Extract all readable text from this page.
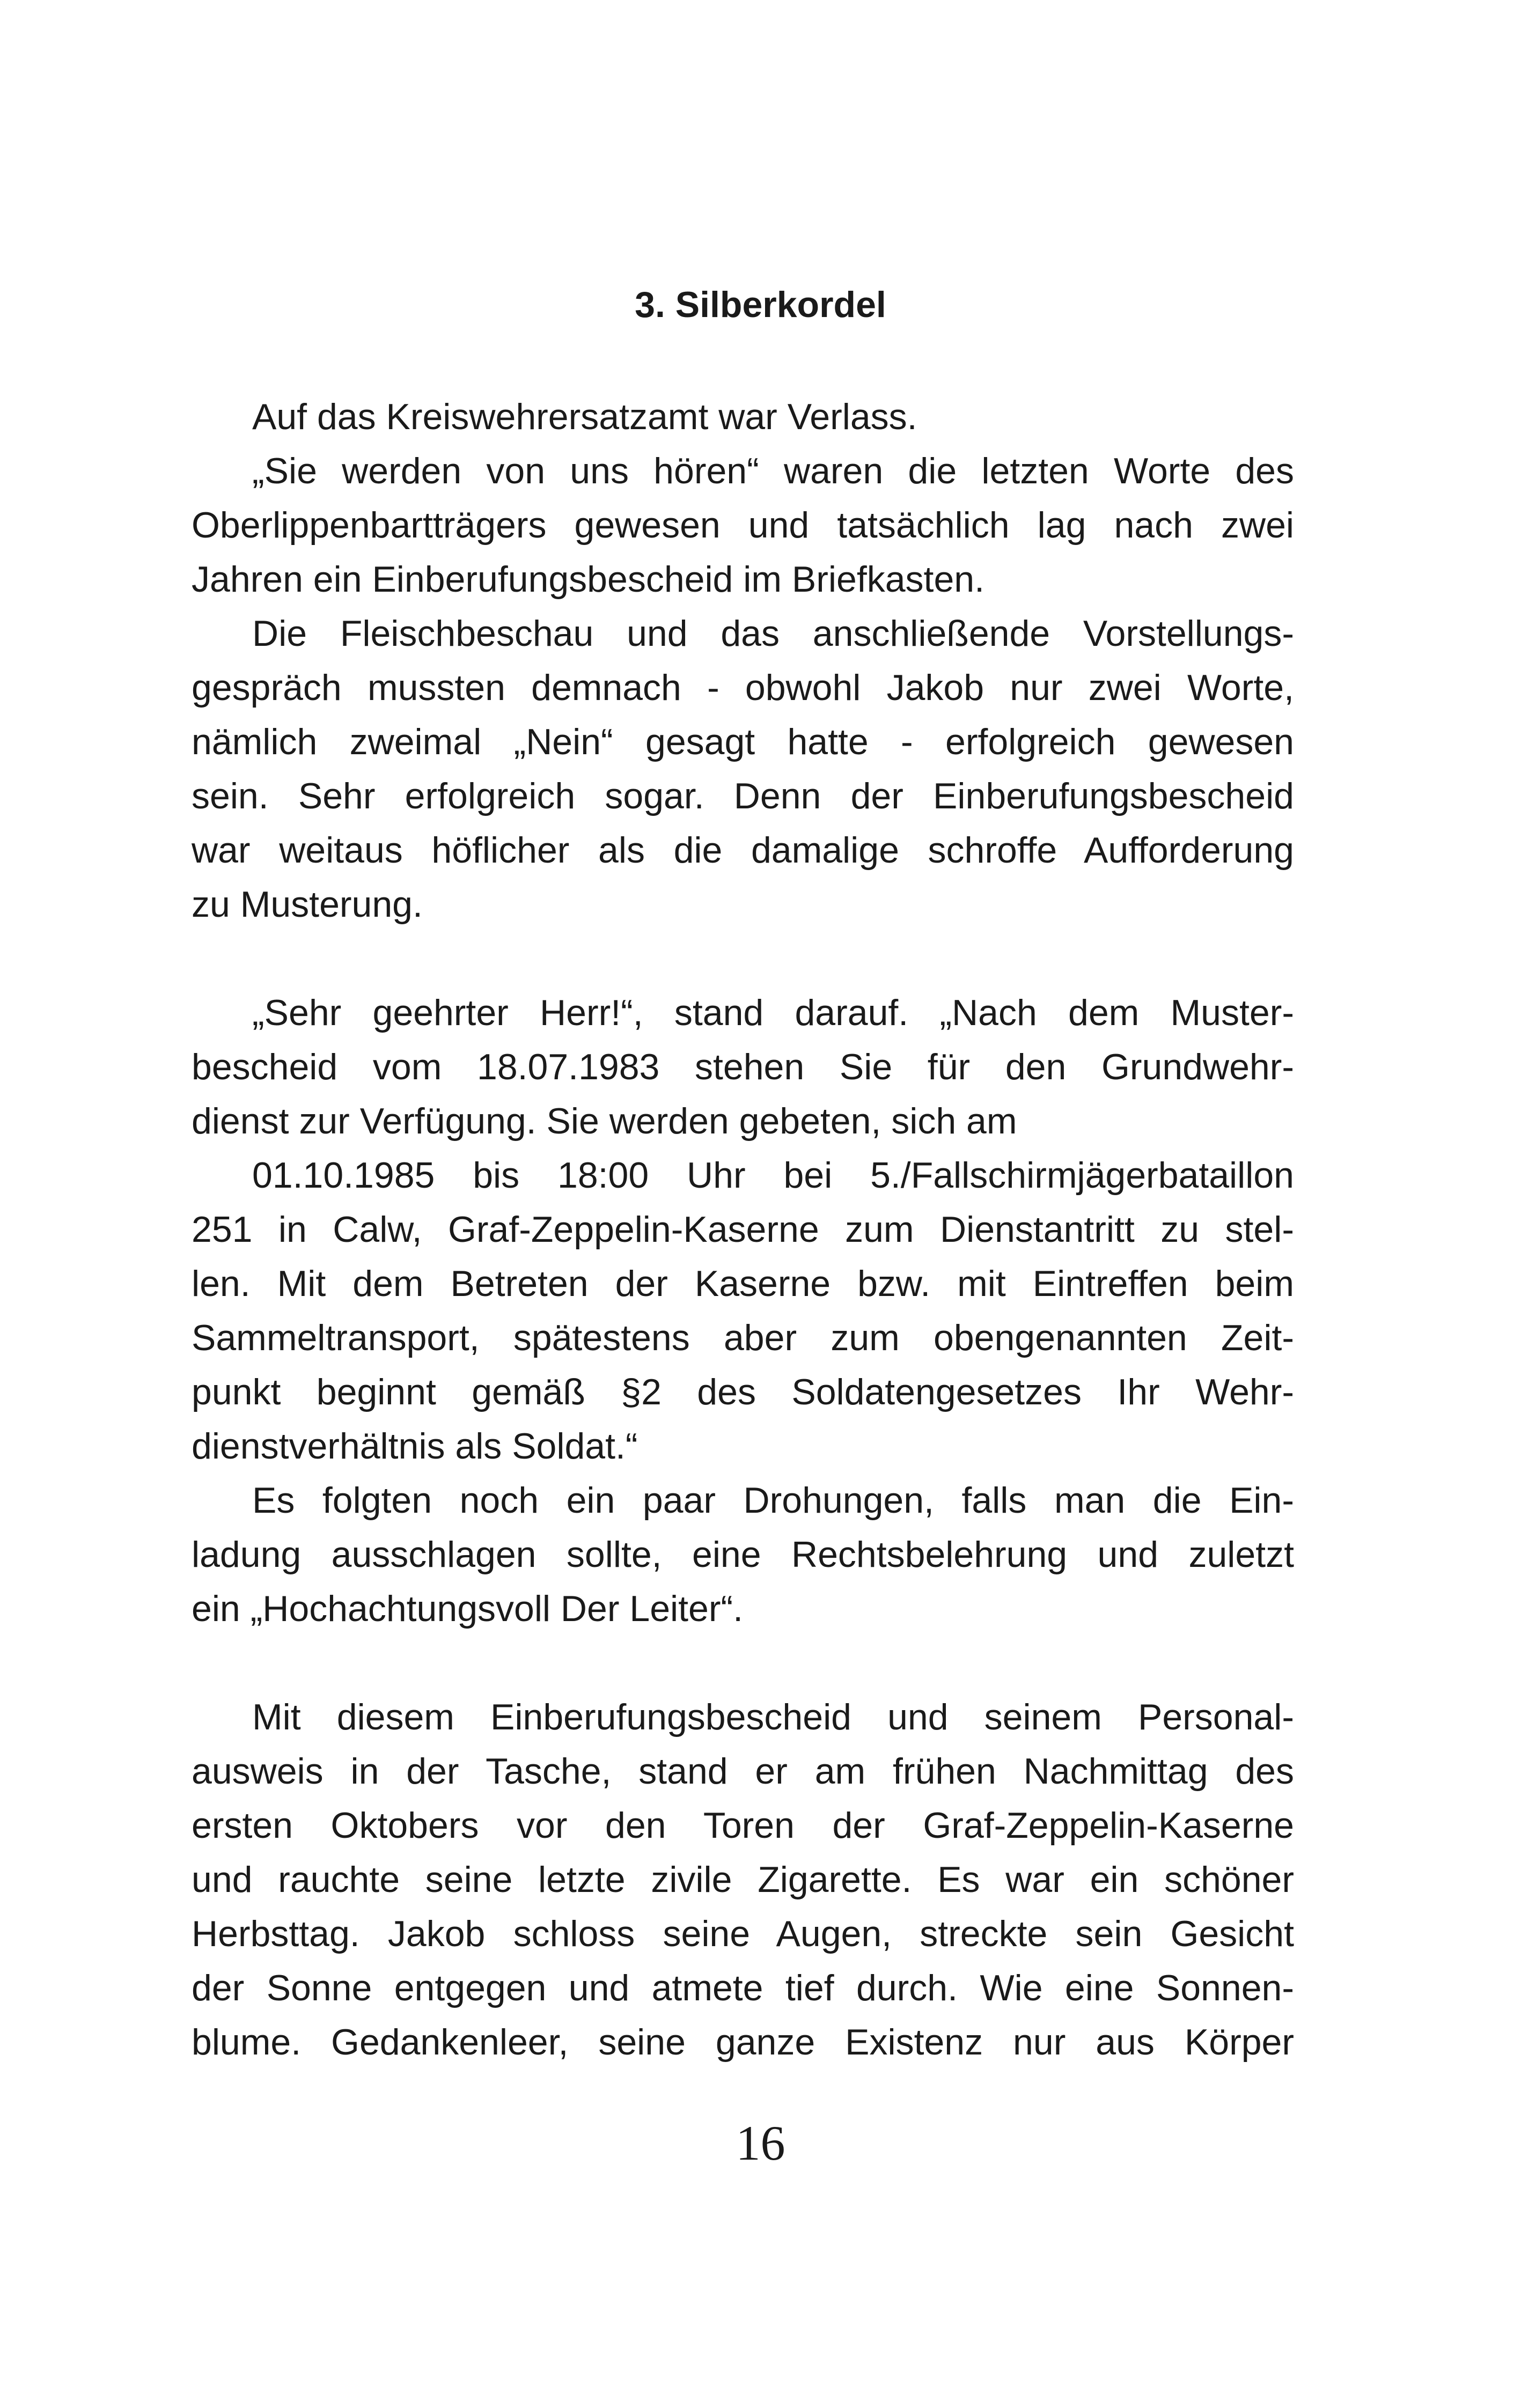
3. Silberkordel

Auf das Kreiswehrersatzamt war Verlass.

„Sie werden von uns hören“ waren die letzten Worte des

Oberlippenbartträgers gewesen und tatsächlich lag nach zwei

Jahren ein Einberufungsbescheid im Briefkasten.

Die Fleischbeschau und das anschließende Vorstellungs-

gespräch mussten demnach - obwohl Jakob nur zwei Worte,

nämlich zweimal „Nein“ gesagt hatte - erfolgreich gewesen

sein. Sehr erfolgreich sogar. Denn der Einberufungsbescheid

war weitaus höflicher als die damalige schroffe Aufforderung

zu Musterung.

„Sehr geehrter Herr!“, stand darauf. „Nach dem Muster-

bescheid vom 18.07.1983 stehen Sie für den Grundwehr-

dienst zur Verfügung. Sie werden gebeten, sich am

01.10.1985 bis 18:00 Uhr bei 5./Fallschirmjägerbataillon

251 in Calw, Graf-Zeppelin-Kaserne zum Dienstantritt zu stel-

len. Mit dem Betreten der Kaserne bzw. mit Eintreffen beim

Sammeltransport, spätestens aber zum obengenannten Zeit-

punkt beginnt gemäß §2 des Soldatengesetzes Ihr Wehr-

dienstverhältnis als Soldat.“

Es folgten noch ein paar Drohungen, falls man die Ein-

ladung ausschlagen sollte, eine Rechtsbelehrung und zuletzt

ein „Hochachtungsvoll Der Leiter“.

Mit diesem Einberufungsbescheid und seinem Personal-

ausweis in der Tasche, stand er am frühen Nachmittag des

ersten Oktobers vor den Toren der Graf-Zeppelin-Kaserne

und rauchte seine letzte zivile Zigarette. Es war ein schöner

Herbsttag. Jakob schloss seine Augen, streckte sein Gesicht

der Sonne entgegen und atmete tief durch. Wie eine Sonnen-

blume. Gedankenleer, seine ganze Existenz nur aus Körper

16
